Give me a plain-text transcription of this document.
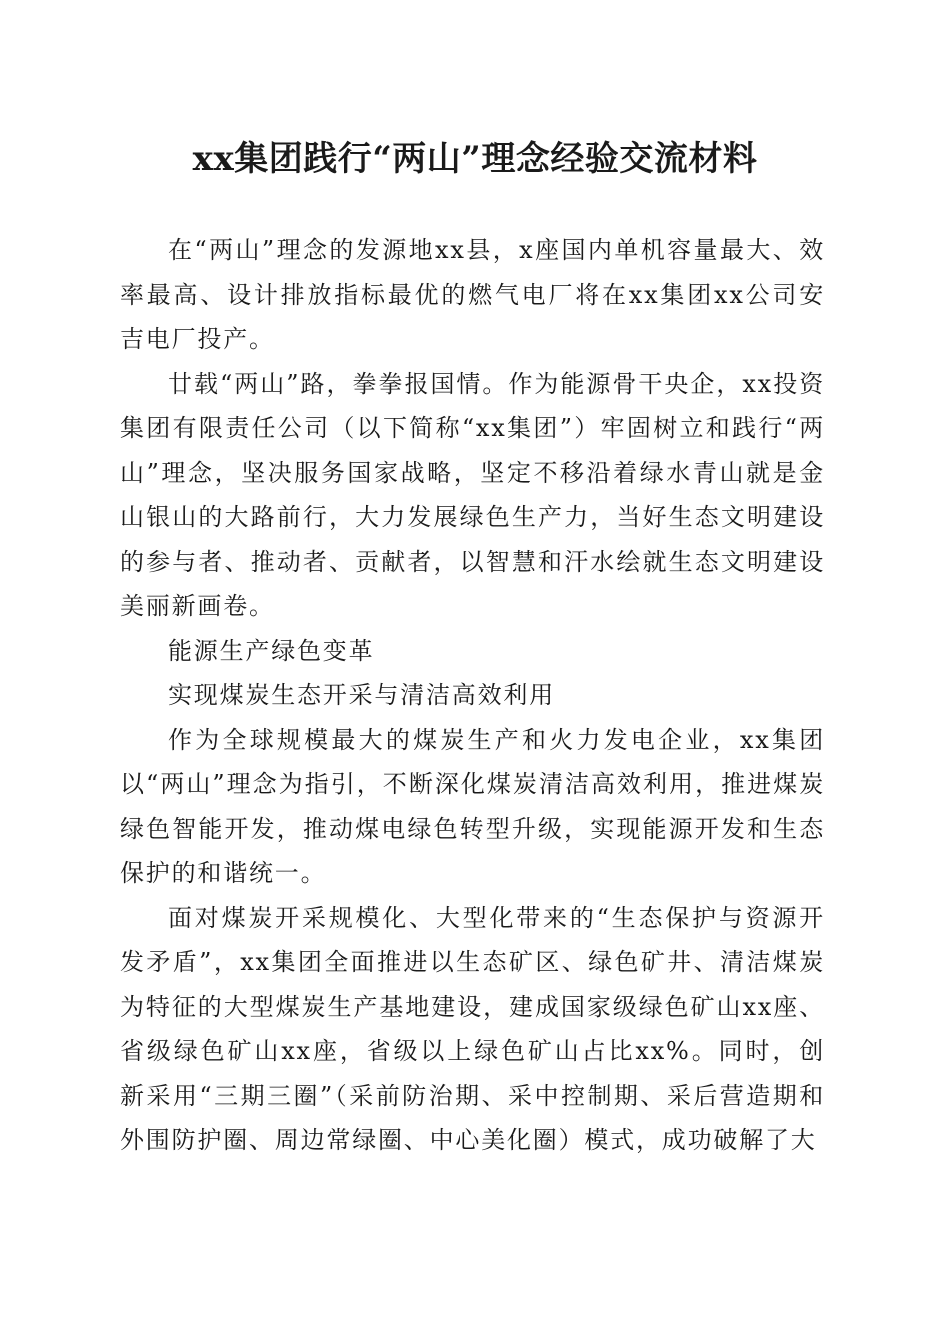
xx集团践行“两山”理念经验交流材料

在“两山”理念的发源地xx县，x座国内单机容量最大、效率最高、设计排放指标最优的燃气电厂将在xx集团xx公司安吉电厂投产。

廿载“两山”路，拳拳报国情。作为能源骨干央企，xx投资集团有限责任公司（以下简称“xx集团”）牢固树立和践行“两山”理念，坚决服务国家战略，坚定不移沿着绿水青山就是金山银山的大路前行，大力发展绿色生产力，当好生态文明建设的参与者、推动者、贡献者，以智慧和汗水绘就生态文明建设美丽新画卷。

能源生产绿色变革

实现煤炭生态开采与清洁高效利用

作为全球规模最大的煤炭生产和火力发电企业，xx集团以“两山”理念为指引，不断深化煤炭清洁高效利用，推进煤炭绿色智能开发，推动煤电绿色转型升级，实现能源开发和生态保护的和谐统一。

面对煤炭开采规模化、大型化带来的“生态保护与资源开发矛盾”，xx集团全面推进以生态矿区、绿色矿井、清洁煤炭为特征的大型煤炭生产基地建设，建成国家级绿色矿山xx座、省级绿色矿山xx座，省级以上绿色矿山占比xx%。同时，创新采用“三期三圈”（采前防治期、采中控制期、采后营造期和外围防护圈、周边常绿圈、中心美化圈）模式，成功破解了大
